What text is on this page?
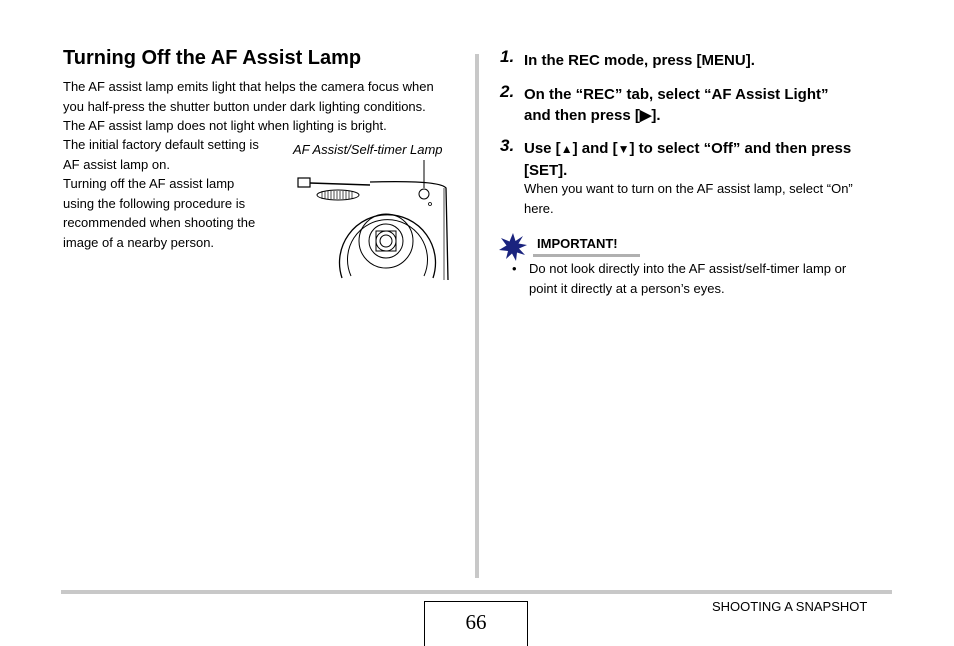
Turning Off the AF Assist Lamp
The AF assist lamp emits light that helps the camera focus when
you half-press the shutter button under dark lighting conditions.
The AF assist lamp does not light when lighting is bright.
The initial factory default setting is
AF assist lamp on.
Turning off the AF assist lamp
using the following procedure is
recommended when shooting the
image of a nearby person.
AF Assist/Self-timer Lamp
1. In the REC mode, press [MENU].
2. On the “REC” tab, select “AF Assist Light”
and then press [▶].
3. Use [▲] and [▼] to select “Off” and then press
[SET].
When you want to turn on the AF assist lamp, select “On”
here.
IMPORTANT!
• Do not look directly into the AF assist/self-timer lamp or
point it directly at a person’s eyes.
66
SHOOTING A SNAPSHOT
